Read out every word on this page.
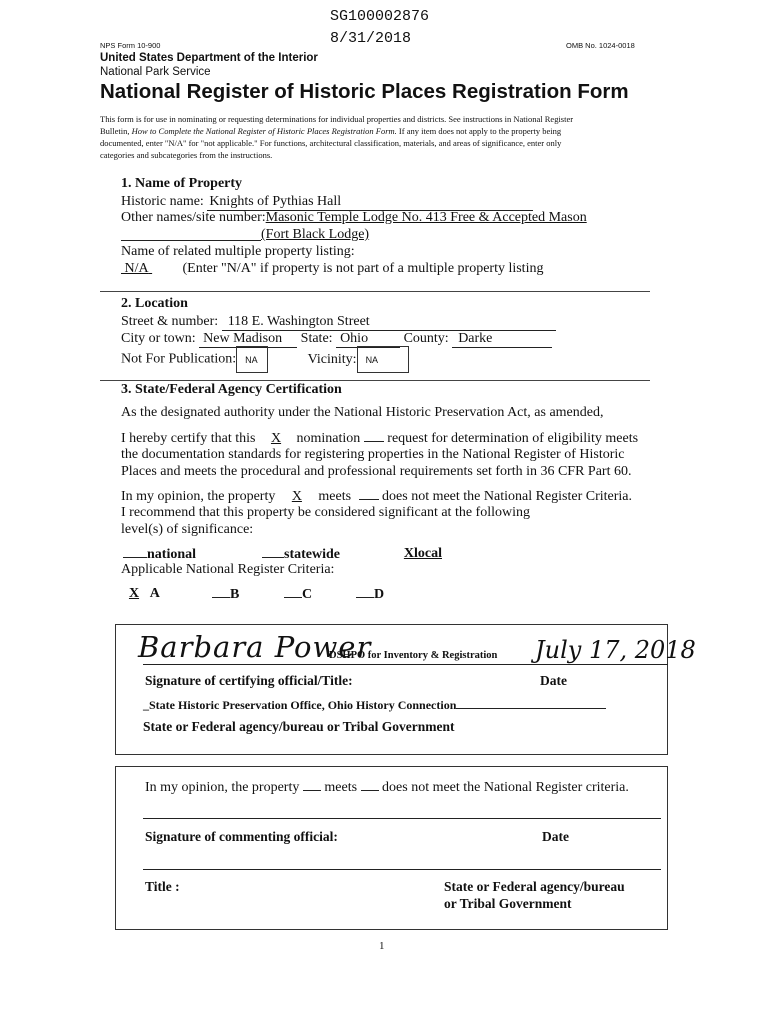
SG100002876
8/31/2018
NPS Form 10-900	OMB No. 1024-0018
United States Department of the Interior
National Park Service
National Register of Historic Places Registration Form
This form is for use in nominating or requesting determinations for individual properties and districts. See instructions in National Register
Bulletin, How to Complete the National Register of Historic Places Registration Form. If any item does not apply to the property being
documented, enter "N/A" for "not applicable." For functions, architectural classification, materials, and areas of significance, enter only
categories and subcategories from the instructions.
1. Name of Property
Historic name: Knights of Pythias Hall
Other names/site number:Masonic Temple Lodge No. 413 Free & Accepted Mason
(Fort Black Lodge)
Name of related multiple property listing:
N/A (Enter "N/A" if property is not part of a multiple property listing
2. Location
Street & number: 118 E. Washington Street
City or town: New Madison State: Ohio	County: Darke
Not For Publication: NA	Vicinity: NA
3. State/Federal Agency Certification
As the designated authority under the National Historic Preservation Act, as amended,
I hereby certify that this X nomination request for determination of eligibility meets
the documentation standards for registering properties in the National Register of Historic
Places and meets the procedural and professional requirements set forth in 36 CFR Part 60.
In my opinion, the property X meets does not meet the National Register Criteria.
I recommend that this property be considered significant at the following
level(s) of significance:
national	statewide	Xlocal
Applicable National Register Criteria:
X A	B	C	D
Barbara Power
DSHPO for Inventory & Registration July 17, 2018
Signature of certifying official/Title:	Date
_State Historic Preservation Office, Ohio History Connection
State or Federal agency/bureau or Tribal Government
In my opinion, the property meets does not meet the National Register criteria.
Signature of commenting official:	Date
Title :	State or Federal agency/bureau
or Tribal Government
1
